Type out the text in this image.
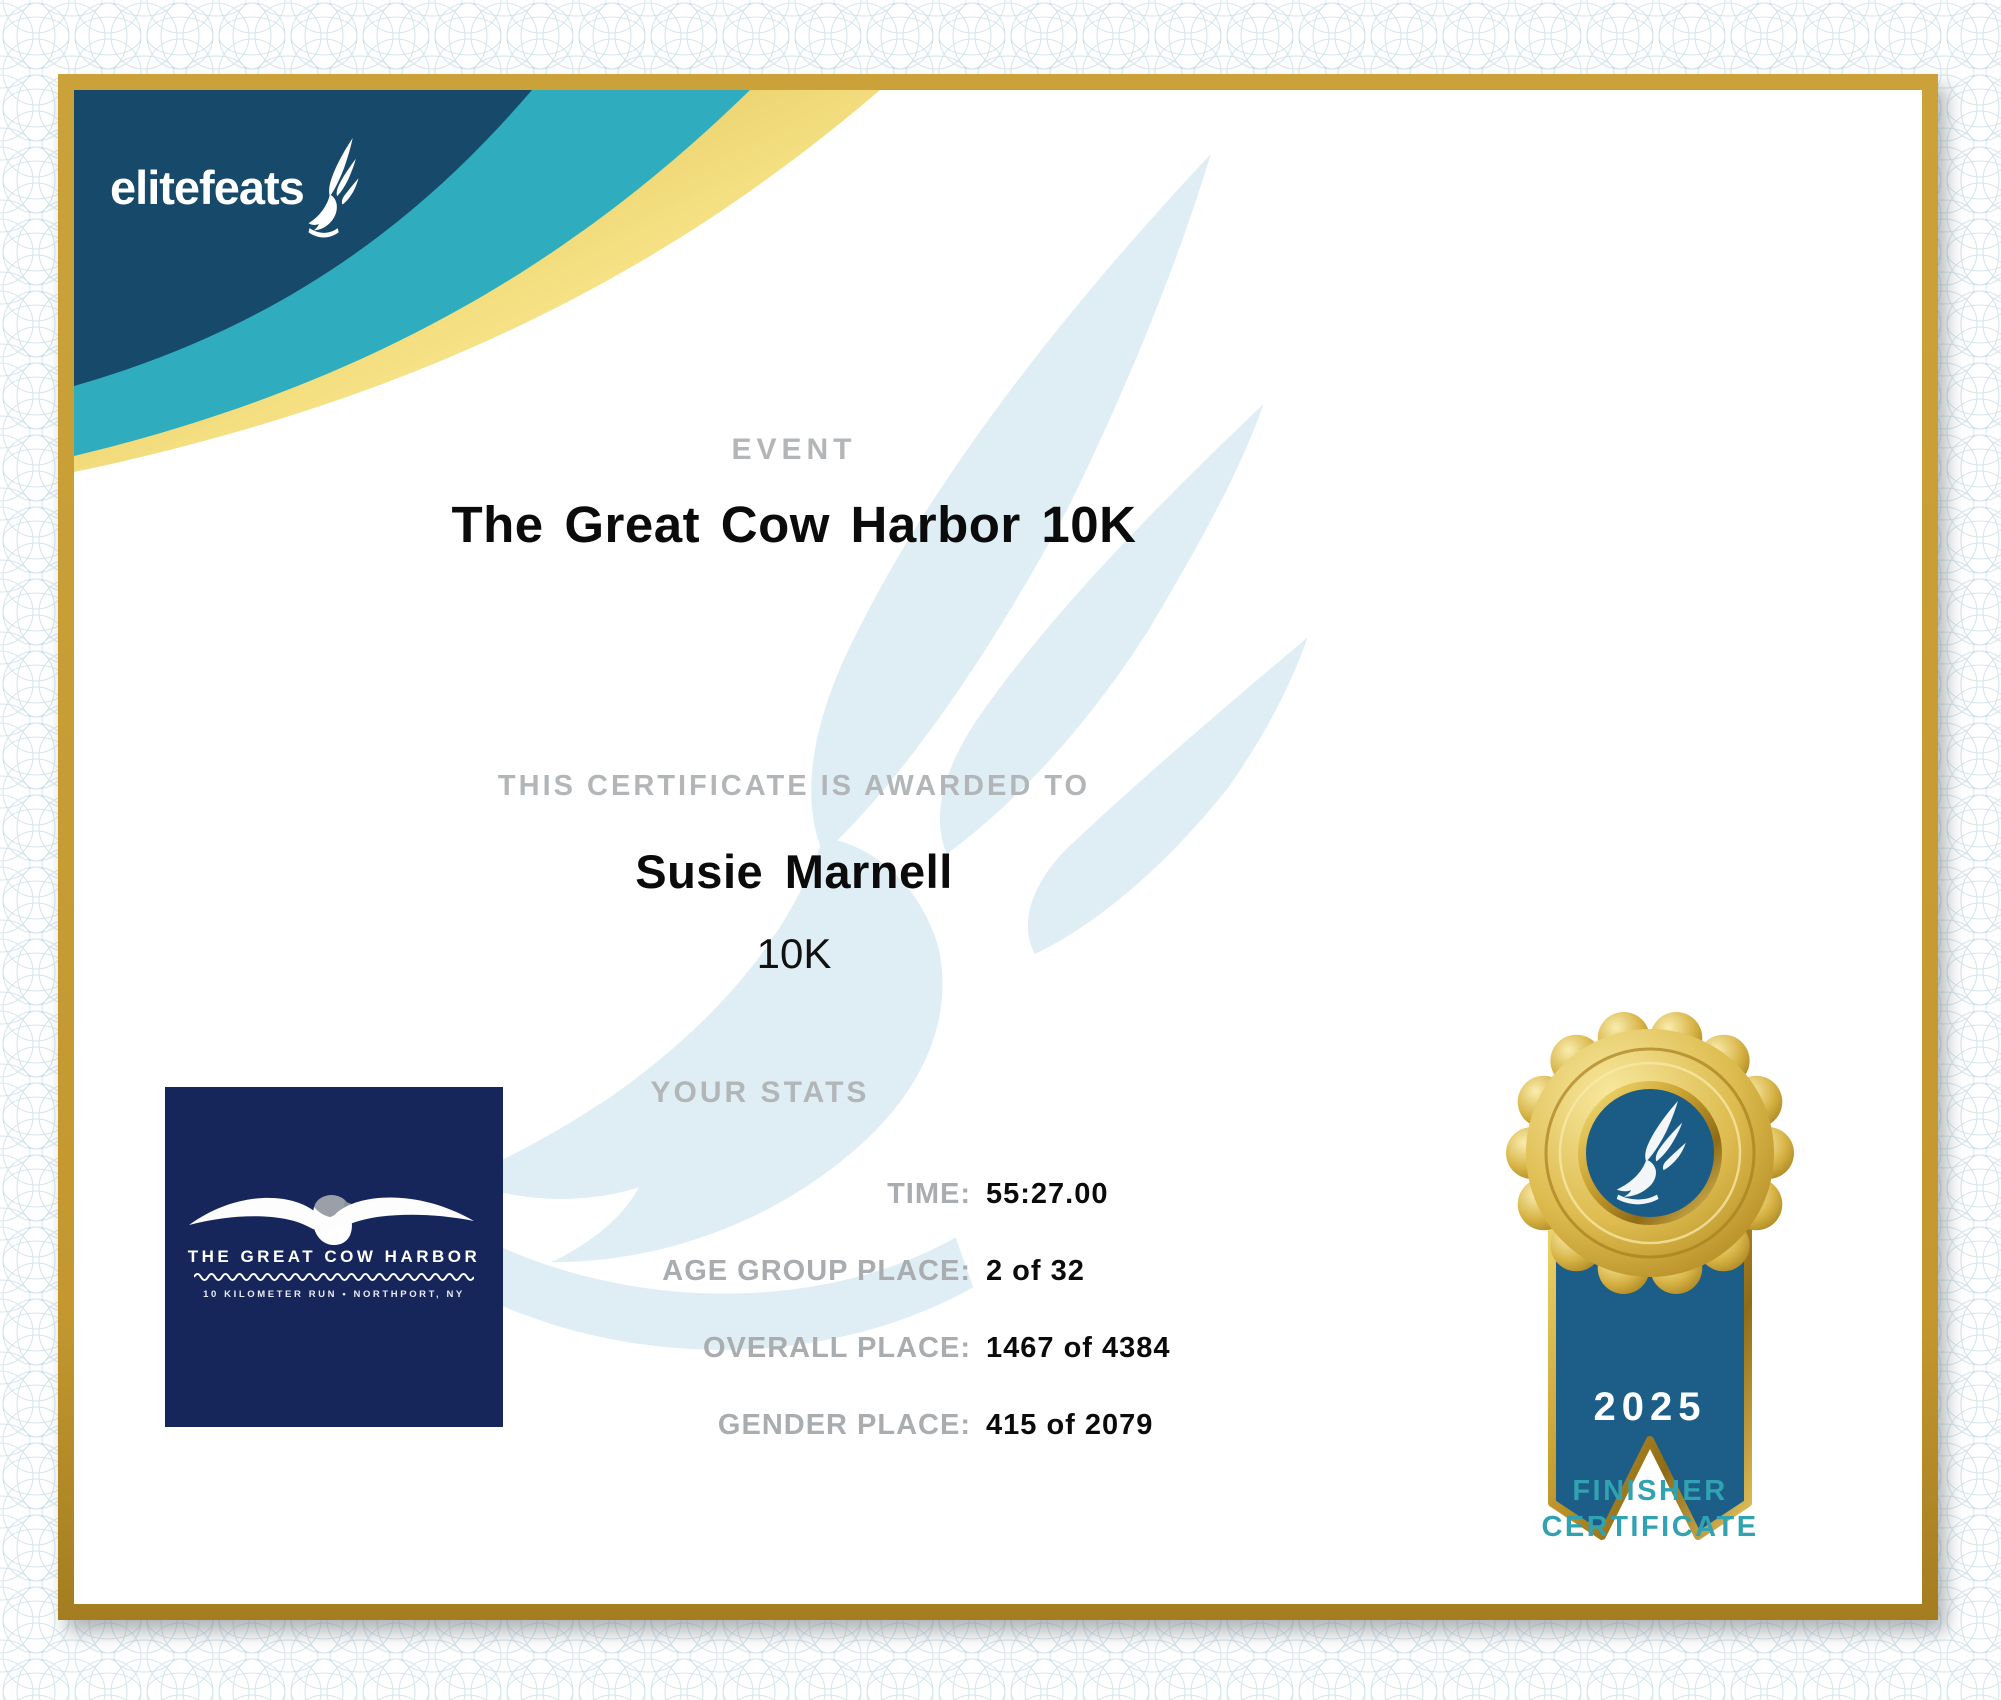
elitefeats
EVENT
The Great Cow Harbor 10K
THIS CERTIFICATE IS AWARDED TO
Susie Marnell
10K
YOUR STATS
TIME: 55:27.00
AGE GROUP PLACE: 2 of 32
OVERALL PLACE: 1467 of 4384
GENDER PLACE: 415 of 2079
THE GREAT COW HARBOR
10 KILOMETER RUN • NORTHPORT, NY
2025
FINISHER
CERTIFICATE
